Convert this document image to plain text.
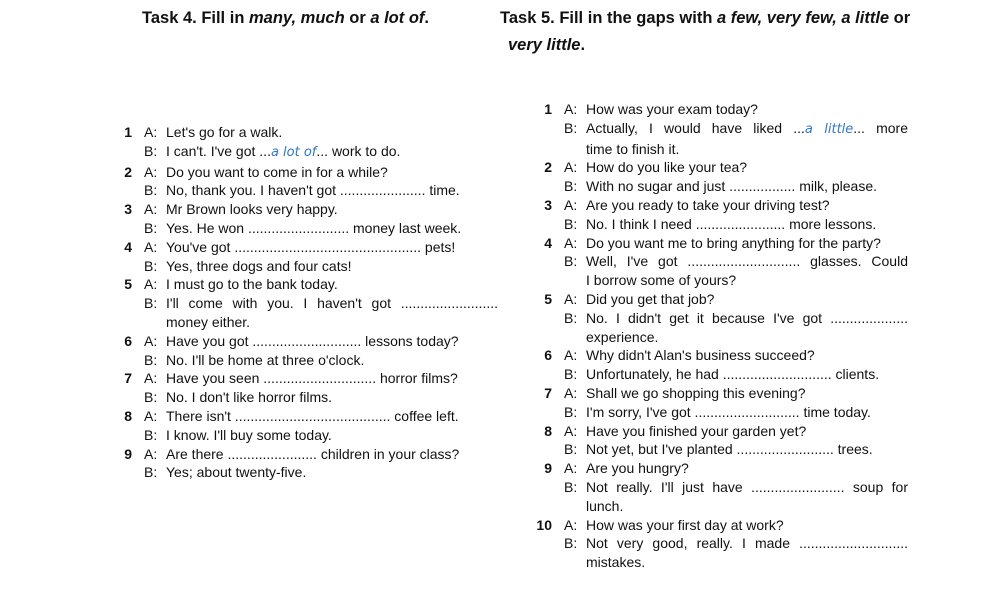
Task 4. Fill in many, much or a lot of.	Task 5. Fill in the gaps with a few, very few, a little or
very little.
1 A: Let's go for a walk.
B: I can't. I've got ...a lot of... work to do.
2 A: Do you want to come in for a while?
B: No, thank you. I haven't got ...................... time.
3 A: Mr Brown looks very happy.
B: Yes. He won .......................... money last week.
4 A: You've got ................................................ pets!
B: Yes, three dogs and four cats!
5 A: I must go to the bank today.
B: I'll come with you. I haven't got .........................
money either.
6 A: Have you got ............................ lessons today?
B: No. I'll be home at three o'clock.
7 A: Have you seen ............................. horror films?
B: No. I don't like horror films.
8 A: There isn't ........................................ coffee left.
B: I know. I'll buy some today.
9 A: Are there ....................... children in your class?
B: Yes; about twenty-five.
1 A: How was your exam today?
B: Actually, I would have liked ...a little... more
time to finish it.
2 A: How do you like your tea?
B: With no sugar and just ................. milk, please.
3 A: Are you ready to take your driving test?
B: No. I think I need ....................... more lessons.
4 A: Do you want me to bring anything for the party?
B: Well, I've got ............................. glasses. Could
I borrow some of yours?
5 A: Did you get that job?
B: No. I didn't get it because I've got ....................
experience.
6 A: Why didn't Alan's business succeed?
B: Unfortunately, he had ............................ clients.
7 A: Shall we go shopping this evening?
B: I'm sorry, I've got ........................... time today.
8 A: Have you finished your garden yet?
B: Not yet, but I've planted ......................... trees.
9 A: Are you hungry?
B: Not really. I'll just have ........................ soup for
lunch.
10 A: How was your first day at work?
B: Not very good, really. I made ............................
mistakes.
